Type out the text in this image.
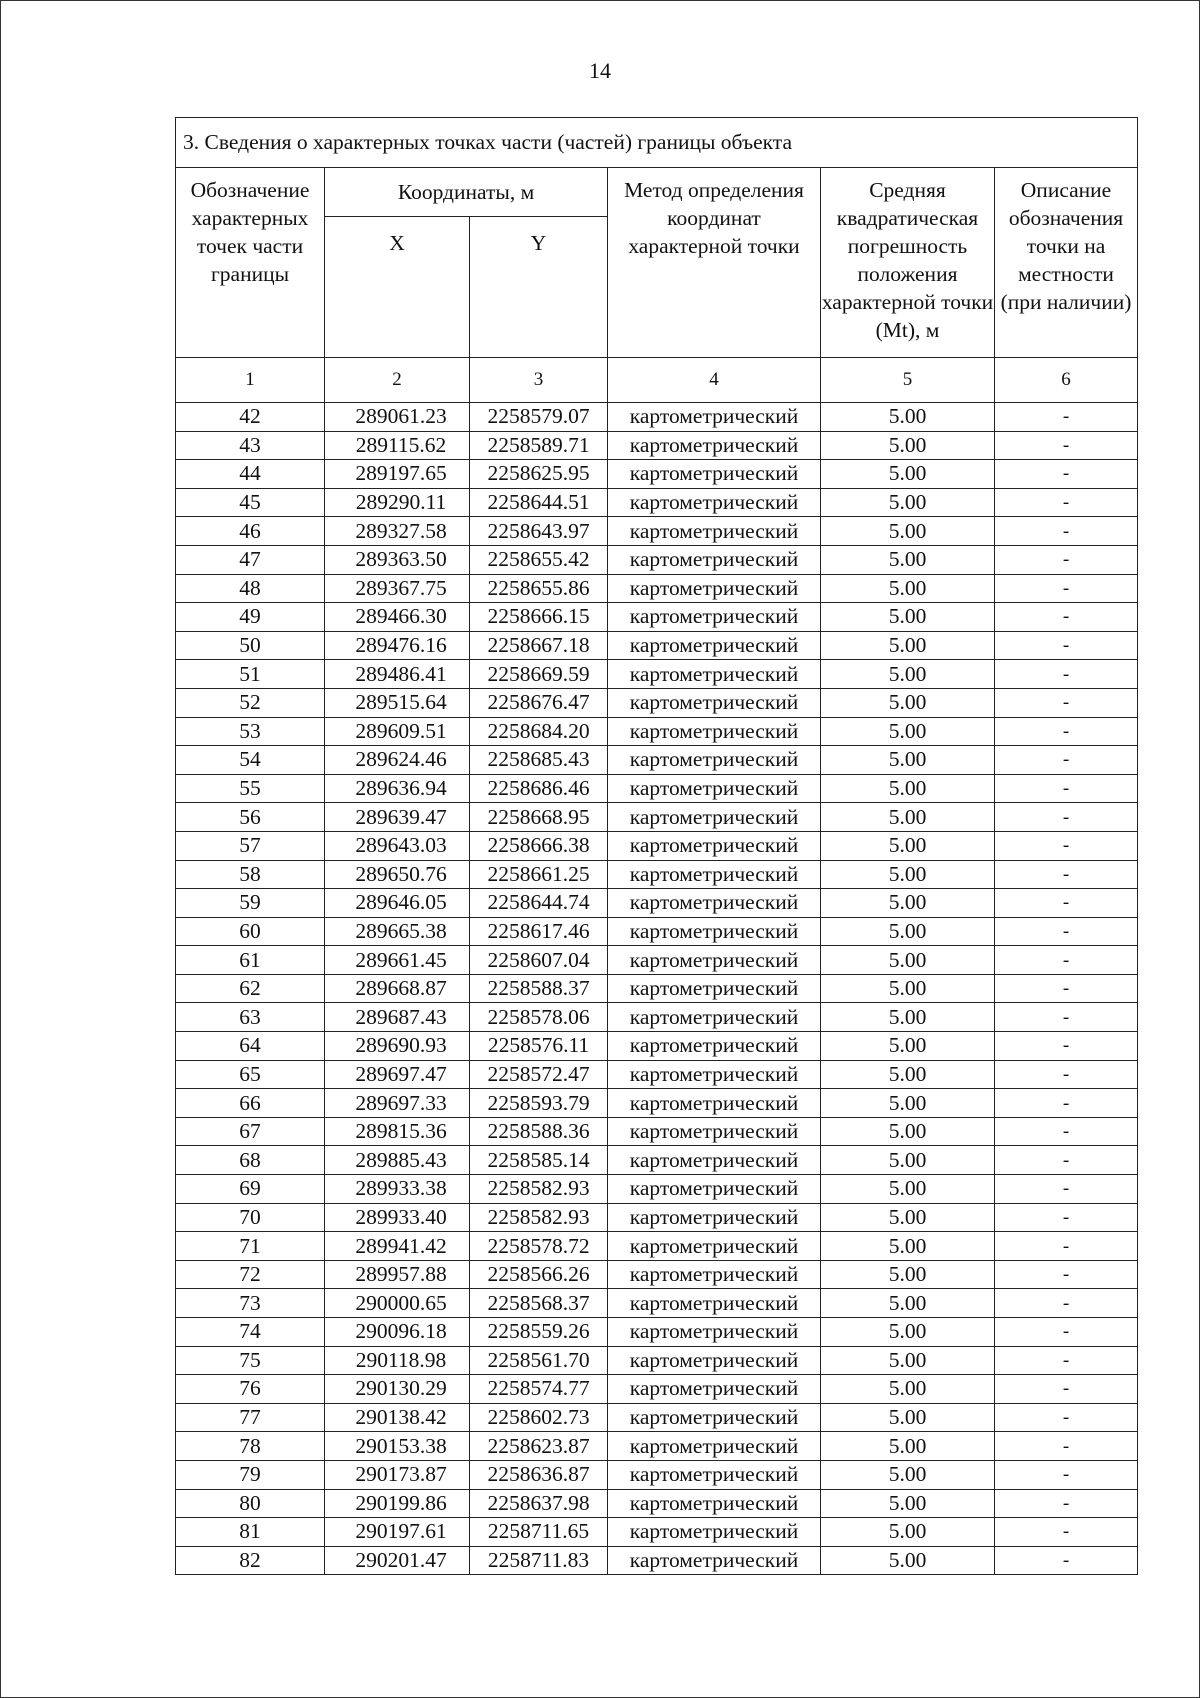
14
3. Сведения о характерных точках части (частей) границы объекта					
Обозначение характерных точек части границы	Координаты, м		Метод определения координат характерной точки	Средняя квадратическая погрешность положения характерной точки (Mt), м	Описание обозначения точки на местности (при наличии)
	X	Y			
1	2	3	4	5	6
42	289061.23	2258579.07	картометрический	5.00	-
43	289115.62	2258589.71	картометрический	5.00	-
44	289197.65	2258625.95	картометрический	5.00	-
45	289290.11	2258644.51	картометрический	5.00	-
46	289327.58	2258643.97	картометрический	5.00	-
47	289363.50	2258655.42	картометрический	5.00	-
48	289367.75	2258655.86	картометрический	5.00	-
49	289466.30	2258666.15	картометрический	5.00	-
50	289476.16	2258667.18	картометрический	5.00	-
51	289486.41	2258669.59	картометрический	5.00	-
52	289515.64	2258676.47	картометрический	5.00	-
53	289609.51	2258684.20	картометрический	5.00	-
54	289624.46	2258685.43	картометрический	5.00	-
55	289636.94	2258686.46	картометрический	5.00	-
56	289639.47	2258668.95	картометрический	5.00	-
57	289643.03	2258666.38	картометрический	5.00	-
58	289650.76	2258661.25	картометрический	5.00	-
59	289646.05	2258644.74	картометрический	5.00	-
60	289665.38	2258617.46	картометрический	5.00	-
61	289661.45	2258607.04	картометрический	5.00	-
62	289668.87	2258588.37	картометрический	5.00	-
63	289687.43	2258578.06	картометрический	5.00	-
64	289690.93	2258576.11	картометрический	5.00	-
65	289697.47	2258572.47	картометрический	5.00	-
66	289697.33	2258593.79	картометрический	5.00	-
67	289815.36	2258588.36	картометрический	5.00	-
68	289885.43	2258585.14	картометрический	5.00	-
69	289933.38	2258582.93	картометрический	5.00	-
70	289933.40	2258582.93	картометрический	5.00	-
71	289941.42	2258578.72	картометрический	5.00	-
72	289957.88	2258566.26	картометрический	5.00	-
73	290000.65	2258568.37	картометрический	5.00	-
74	290096.18	2258559.26	картометрический	5.00	-
75	290118.98	2258561.70	картометрический	5.00	-
76	290130.29	2258574.77	картометрический	5.00	-
77	290138.42	2258602.73	картометрический	5.00	-
78	290153.38	2258623.87	картометрический	5.00	-
79	290173.87	2258636.87	картометрический	5.00	-
80	290199.86	2258637.98	картометрический	5.00	-
81	290197.61	2258711.65	картометрический	5.00	-
82	290201.47	2258711.83	картометрический	5.00	-
